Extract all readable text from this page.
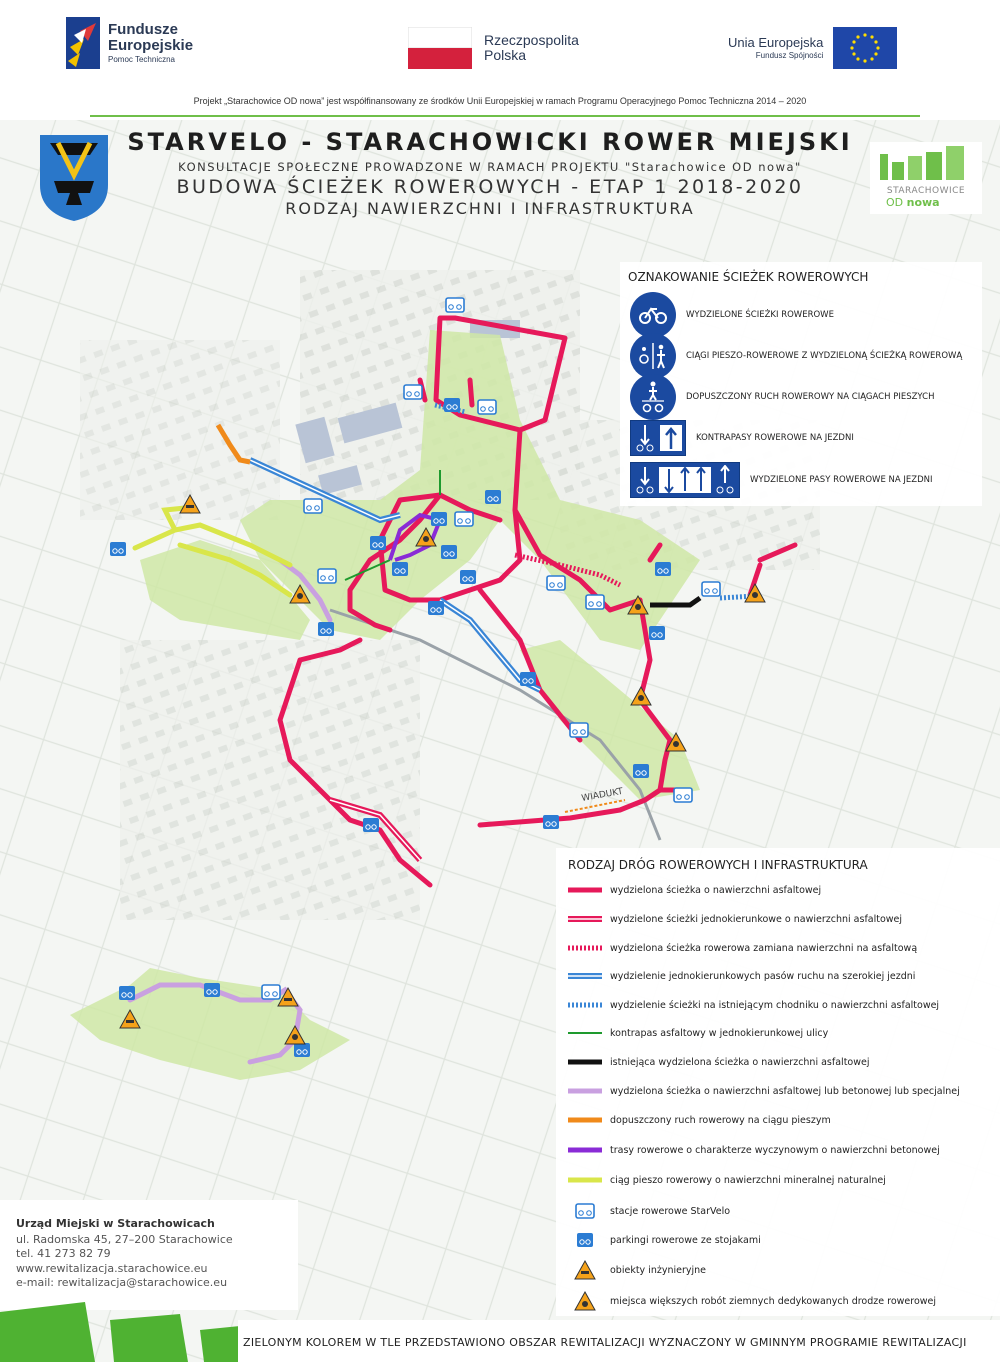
Fundusze
Europejskie
Pomoc Techniczna
Rzeczpospolita
Polska
Unia Europejska
Fundusz Spójności
Projekt „Starachowice OD nowa” jest współfinansowany ze środków Unii Europejskiej w ramach Programu Operacyjnego Pomoc Techniczna 2014 – 2020
WIADUKT
STARVELO - STARACHOWICKI ROWER MIEJSKI
KONSULTACJE SPOŁECZNE PROWADZONE W RAMACH PROJEKTU "Starachowice OD nowa"
BUDOWA ŚCIEŻEK ROWEROWYCH - ETAP 1 2018-2020
RODZAJ NAWIERZCHNI I INFRASTRUKTURA
STARACHOWICE
OD nowa
OZNAKOWANIE ŚCIEŻEK ROWEROWYCH
WYDZIELONE ŚCIEŻKI ROWEROWE
CIĄGI PIESZO-ROWEROWE Z WYDZIELONĄ ŚCIEŻKĄ ROWEROWĄ
DOPUSZCZONY RUCH ROWEROWY NA CIĄGACH PIESZYCH
KONTRAPASY ROWEROWE NA JEZDNI
WYDZIELONE PASY ROWEROWE NA JEZDNI
RODZAJ DRÓG ROWEROWYCH I INFRASTRUKTURA
wydzielona ścieżka o nawierzchni asfaltowej
wydzielone ścieżki jednokierunkowe o nawierzchni asfaltowej
wydzielona ścieżka rowerowa zamiana nawierzchni na asfaltową
wydzielenie jednokierunkowych pasów ruchu na szerokiej jezdni
wydzielenie ścieżki na istniejącym chodniku o nawierzchni asfaltowej
kontrapas asfaltowy w jednokierunkowej ulicy
istniejąca wydzielona ścieżka o nawierzchni asfaltowej
wydzielona ścieżka o nawierzchni asfaltowej lub betonowej lub specjalnej
dopuszczony ruch rowerowy na ciągu pieszym
trasy rowerowe o charakterze wyczynowym o nawierzchni betonowej
ciąg pieszo rowerowy o nawierzchni mineralnej naturalnej
stacje rowerowe StarVelo
parkingi rowerowe ze stojakami
obiekty inżynieryjne
miejsca większych robót ziemnych dedykowanych drodze rowerowej
Urząd Miejski w Starachowicach
ul. Radomska 45, 27–200 Starachowice
tel. 41 273 82 79
www.rewitalizacja.starachowice.eu
e-mail: rewitalizacja@starachowice.eu
ZIELONYM KOLOREM W TLE PRZEDSTAWIONO OBSZAR REWITALIZACJI WYZNACZONY W GMINNYM PROGRAMIE REWITALIZACJI
